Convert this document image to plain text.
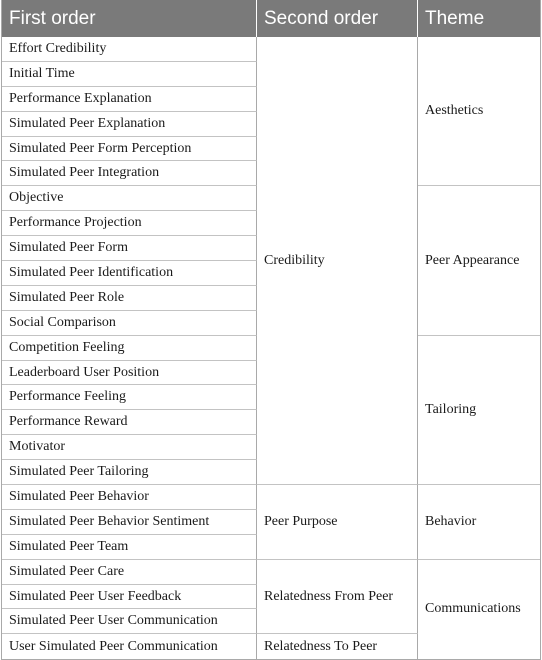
First order	Second order	Theme
Effort Credibility
Initial Time
Performance Explanation
Simulated Peer Explanation
Simulated Peer Form Perception
Simulated Peer Integration
Objective
Performance Projection
Simulated Peer Form
Simulated Peer Identification
Simulated Peer Role
Social Comparison
Competition Feeling
Leaderboard User Position
Performance Feeling
Performance Reward
Motivator
Simulated Peer Tailoring
Simulated Peer Behavior
Simulated Peer Behavior Sentiment
Simulated Peer Team
Simulated Peer Care
Simulated Peer User Feedback
Simulated Peer User Communication
User Simulated Peer Communication
Credibility
Peer Purpose
Relatedness From Peer
Relatedness To Peer
Aesthetics
Peer Appearance
Tailoring
Behavior
Communications
